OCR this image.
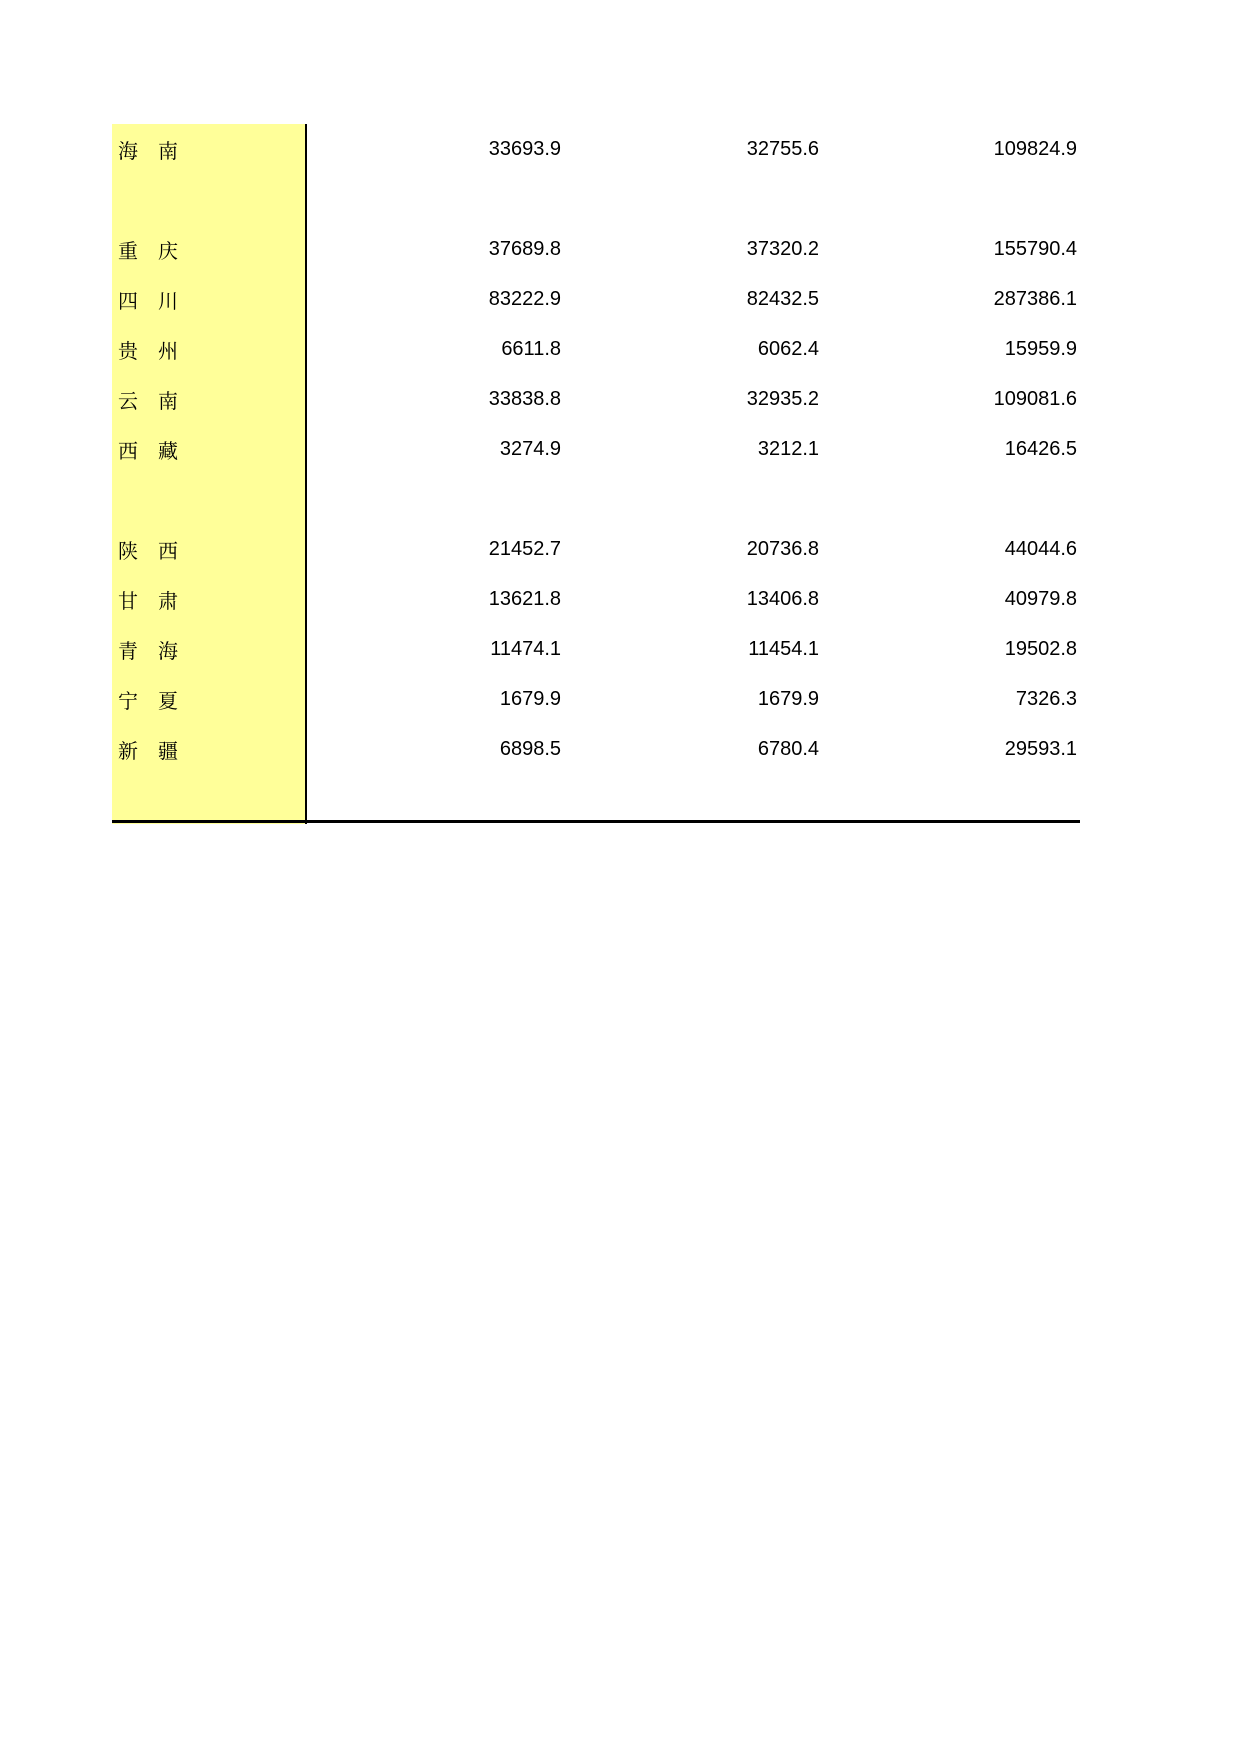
海	南	33693.9	32755.6	109824.9
重	庆	37689.8	37320.2	155790.4
四	川	83222.9	82432.5	287386.1
贵	州	6611.8	6062.4	15959.9
云	南	33838.8	32935.2	109081.6
西	藏	3274.9	3212.1	16426.5
陕	西	21452.7	20736.8	44044.6
甘	肃	13621.8	13406.8	40979.8
青	海	11474.1	11454.1	19502.8
宁	夏	1679.9	1679.9	7326.3
新	疆	6898.5	6780.4	29593.1
